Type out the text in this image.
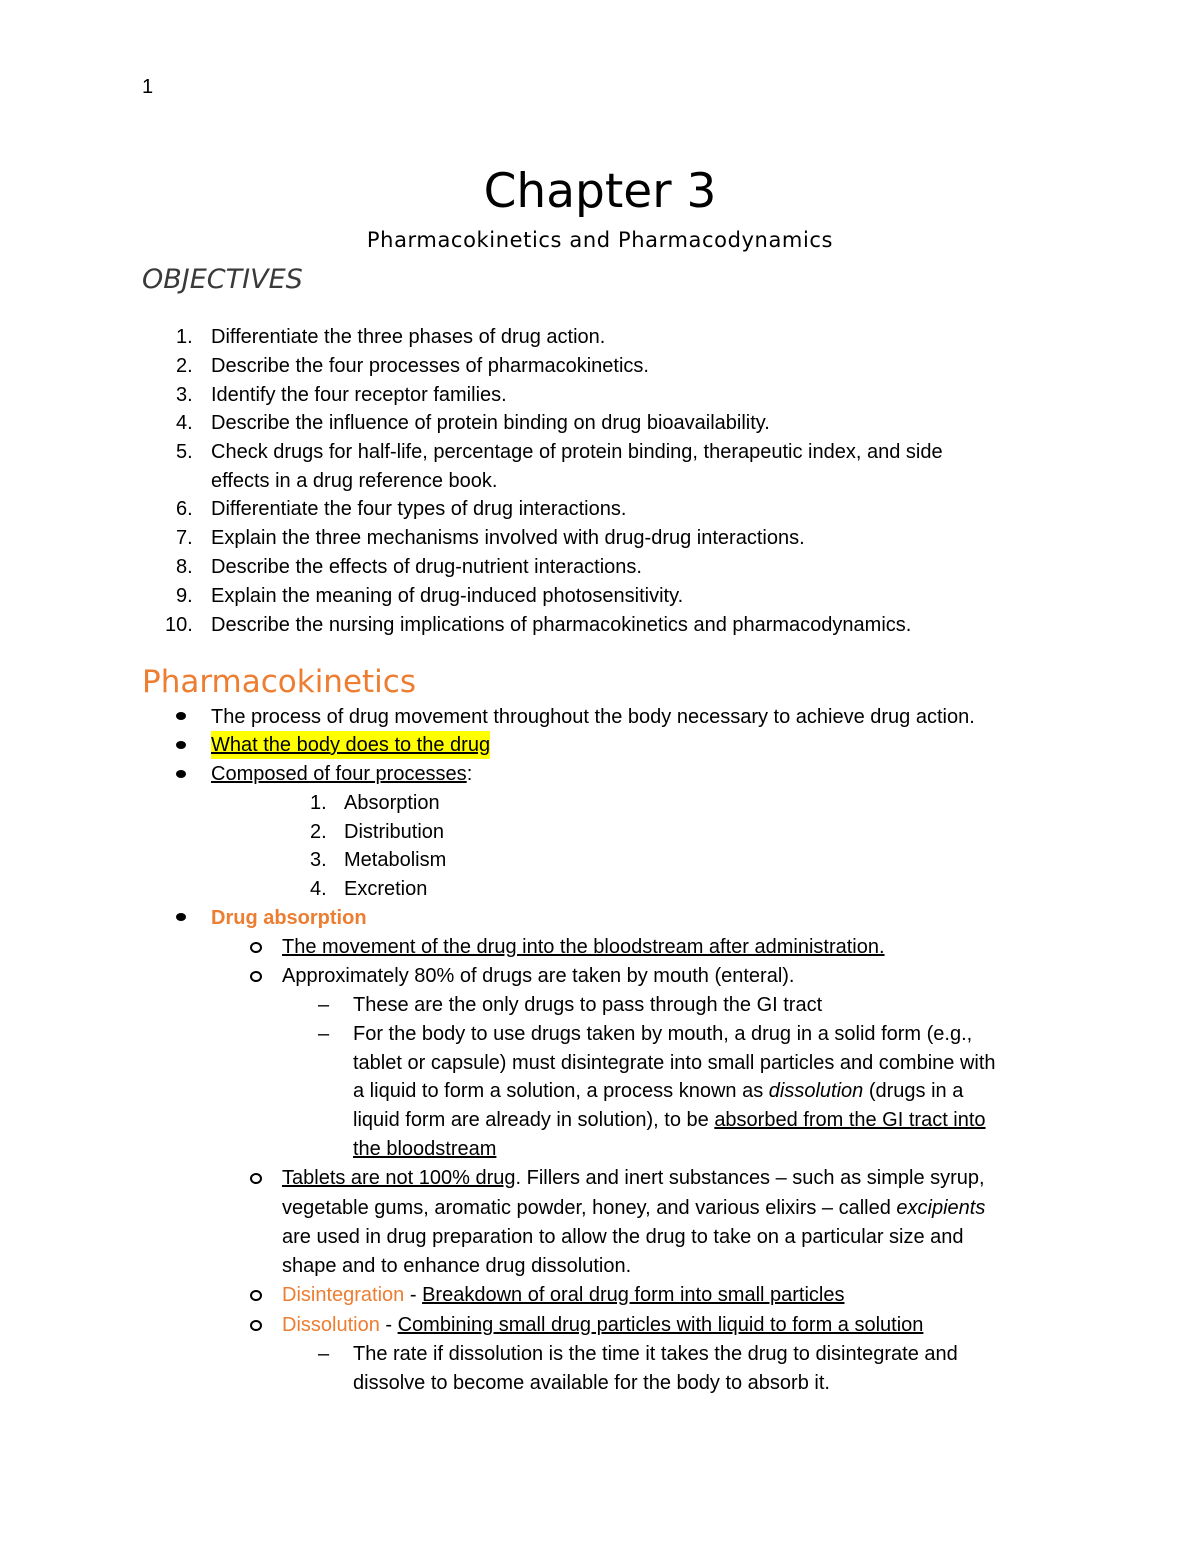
1
Chapter 3
Pharmacokinetics and Pharmacodynamics
OBJECTIVES
1. Differentiate the three phases of drug action.
2. Describe the four processes of pharmacokinetics.
3. Identify the four receptor families.
4. Describe the influence of protein binding on drug bioavailability.
5. Check drugs for half-life, percentage of protein binding, therapeutic index, and side
effects in a drug reference book.
6. Differentiate the four types of drug interactions.
7. Explain the three mechanisms involved with drug-drug interactions.
8. Describe the effects of drug-nutrient interactions.
9. Explain the meaning of drug-induced photosensitivity.
10. Describe the nursing implications of pharmacokinetics and pharmacodynamics.
Pharmacokinetics
The process of drug movement throughout the body necessary to achieve drug action.
What the body does to the drug
Composed of four processes:
1. Absorption
2. Distribution
3. Metabolism
4. Excretion
Drug absorption
The movement of the drug into the bloodstream after administration.
Approximately 80% of drugs are taken by mouth (enteral).
– These are the only drugs to pass through the GI tract
– For the body to use drugs taken by mouth, a drug in a solid form (e.g.,
tablet or capsule) must disintegrate into small particles and combine with
a liquid to form a solution, a process known as dissolution (drugs in a
liquid form are already in solution), to be absorbed from the GI tract into
the bloodstream
Tablets are not 100% drug. Fillers and inert substances – such as simple syrup,
vegetable gums, aromatic powder, honey, and various elixirs – called excipients
are used in drug preparation to allow the drug to take on a particular size and
shape and to enhance drug dissolution.
Disintegration - Breakdown of oral drug form into small particles
Dissolution - Combining small drug particles with liquid to form a solution
– The rate if dissolution is the time it takes the drug to disintegrate and
dissolve to become available for the body to absorb it.
